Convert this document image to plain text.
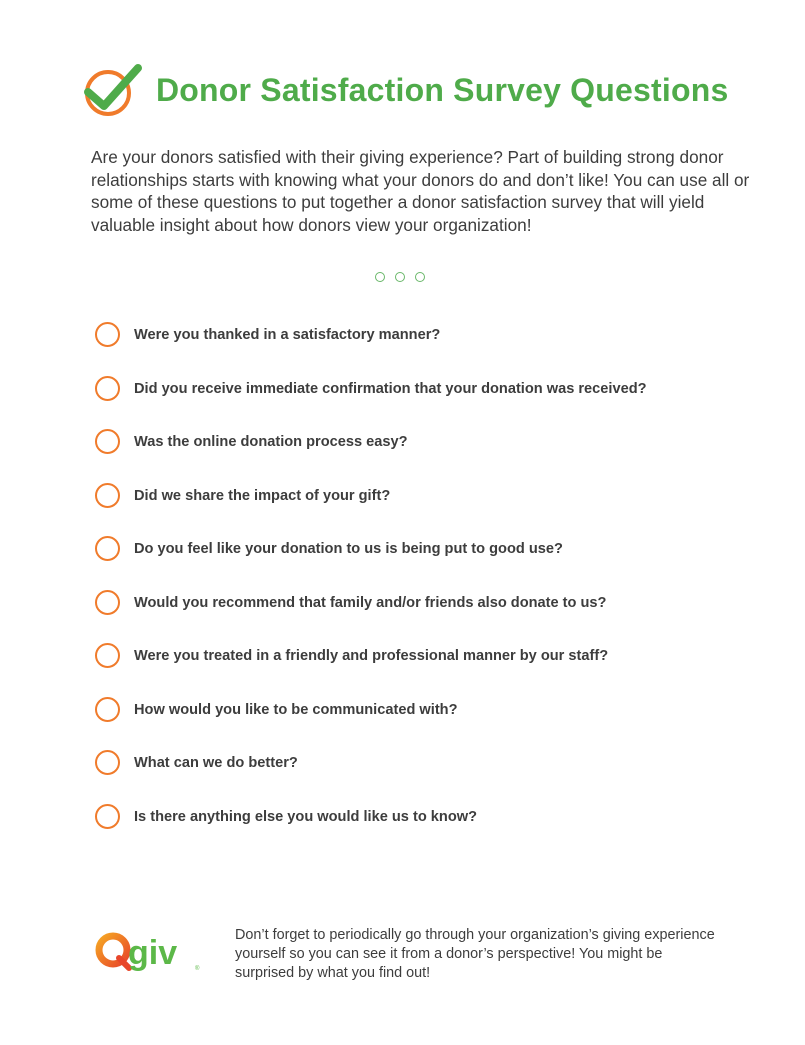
Donor Satisfaction Survey Questions

Are your donors satisfied with their giving experience? Part of building strong donor relationships starts with knowing what your donors do and don’t like! You can use all or some of these questions to put together a donor satisfaction survey that will yield valuable insight about how donors view your organization!

Were you thanked in a satisfactory manner?
Did you receive immediate confirmation that your donation was received?
Was the online donation process easy?
Did we share the impact of your gift?
Do you feel like your donation to us is being put to good use?
Would you recommend that family and/or friends also donate to us?
Were you treated in a friendly and professional manner by our staff?
How would you like to be communicated with?
What can we do better?
Is there anything else you would like us to know?
giv	®

Don’t forget to periodically go through your organization’s giving experience yourself so you can see it from a donor’s perspective! You might be surprised by what you find out!
